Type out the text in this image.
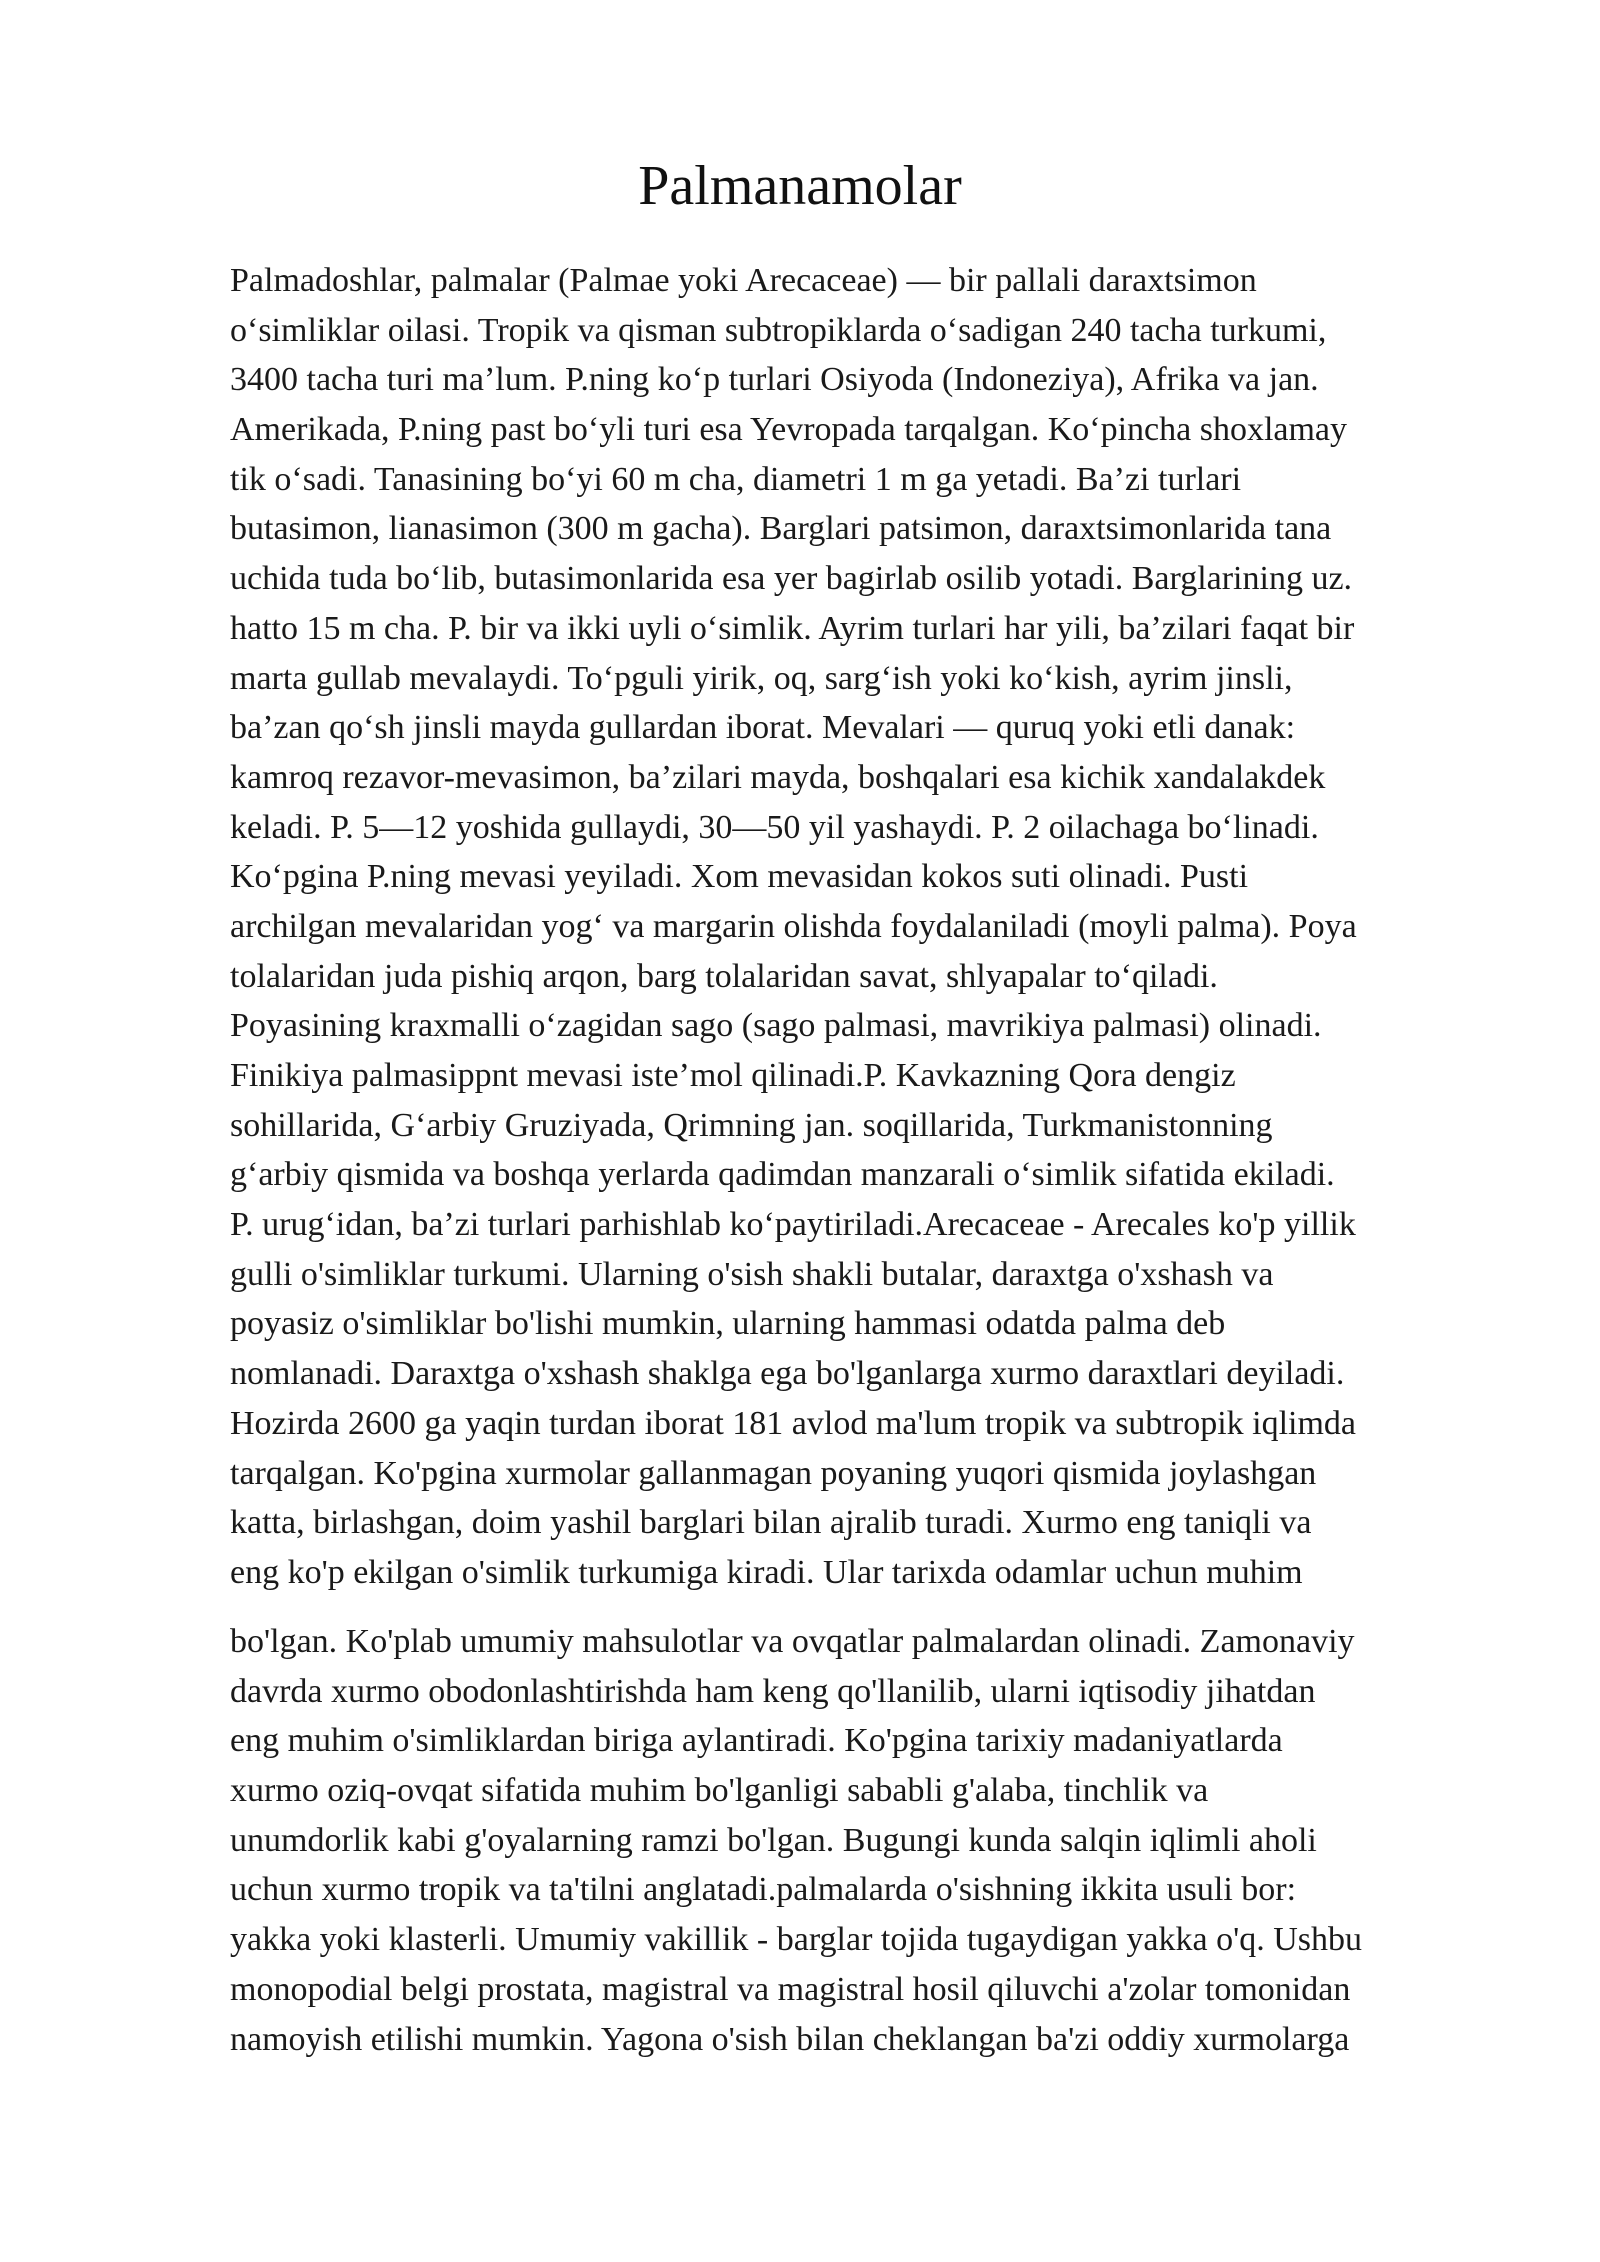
Palmanamolar
Palmadoshlar, palmalar (Palmae yoki Arecaceae) — bir pallali daraxtsimon
o‘simliklar oilasi. Tropik va qisman subtropiklarda o‘sadigan 240 tacha turkumi,
3400 tacha turi ma’lum. P.ning ko‘p turlari Osiyoda (Indoneziya), Afrika va jan.
Amerikada, P.ning past bo‘yli turi esa Yevropada tarqalgan. Ko‘pincha shoxlamay
tik o‘sadi. Tanasining bo‘yi 60 m cha, diametri 1 m ga yetadi. Ba’zi turlari
butasimon, lianasimon (300 m gacha). Barglari patsimon, daraxtsimonlarida tana
uchida tuda bo‘lib, butasimonlarida esa yer bagirlab osilib yotadi. Barglarining uz.
hatto 15 m cha. P. bir va ikki uyli o‘simlik. Ayrim turlari har yili, ba’zilari faqat bir
marta gullab mevalaydi. To‘pguli yirik, oq, sarg‘ish yoki ko‘kish, ayrim jinsli,
ba’zan qo‘sh jinsli mayda gullardan iborat. Mevalari — quruq yoki etli danak:
kamroq rezavor-mevasimon, ba’zilari mayda, boshqalari esa kichik xandalakdek
keladi. P. 5—12 yoshida gullaydi, 30—50 yil yashaydi. P. 2 oilachaga bo‘linadi.
Ko‘pgina P.ning mevasi yeyiladi. Xom mevasidan kokos suti olinadi. Pusti
archilgan mevalaridan yog‘ va margarin olishda foydalaniladi (moyli palma). Poya
tolalaridan juda pishiq arqon, barg tolalaridan savat, shlyapalar to‘qiladi.
Poyasining kraxmalli o‘zagidan sago (sago palmasi, mavrikiya palmasi) olinadi.
Finikiya palmasippnt mevasi iste’mol qilinadi.P. Kavkazning Qora dengiz
sohillarida, G‘arbiy Gruziyada, Qrimning jan. soqillarida, Turkmanistonning
g‘arbiy qismida va boshqa yerlarda qadimdan manzarali o‘simlik sifatida ekiladi.
P. urug‘idan, ba’zi turlari parhishlab ko‘paytiriladi.Arecaceae - Arecales ko'p yillik
gulli o'simliklar turkumi. Ularning o'sish shakli butalar, daraxtga o'xshash va
poyasiz o'simliklar bo'lishi mumkin, ularning hammasi odatda palma deb
nomlanadi. Daraxtga o'xshash shaklga ega bo'lganlarga xurmo daraxtlari deyiladi.
Hozirda 2600 ga yaqin turdan iborat 181 avlod ma'lum tropik va subtropik iqlimda
tarqalgan. Ko'pgina xurmolar gallanmagan poyaning yuqori qismida joylashgan
katta, birlashgan, doim yashil barglari bilan ajralib turadi. Xurmo eng taniqli va
eng ko'p ekilgan o'simlik turkumiga kiradi. Ular tarixda odamlar uchun muhim
bo'lgan. Ko'plab umumiy mahsulotlar va ovqatlar palmalardan olinadi. Zamonaviy
davrda xurmo obodonlashtirishda ham keng qo'llanilib, ularni iqtisodiy jihatdan
eng muhim o'simliklardan biriga aylantiradi. Ko'pgina tarixiy madaniyatlarda
xurmo oziq-ovqat sifatida muhim bo'lganligi sababli g'alaba, tinchlik va
unumdorlik kabi g'oyalarning ramzi bo'lgan. Bugungi kunda salqin iqlimli aholi
uchun xurmo tropik va ta'tilni anglatadi.palmalarda o'sishning ikkita usuli bor:
yakka yoki klasterli. Umumiy vakillik - barglar tojida tugaydigan yakka o'q. Ushbu
monopodial belgi prostata, magistral va magistral hosil qiluvchi a'zolar tomonidan
namoyish etilishi mumkin. Yagona o'sish bilan cheklangan ba'zi oddiy xurmolarga
